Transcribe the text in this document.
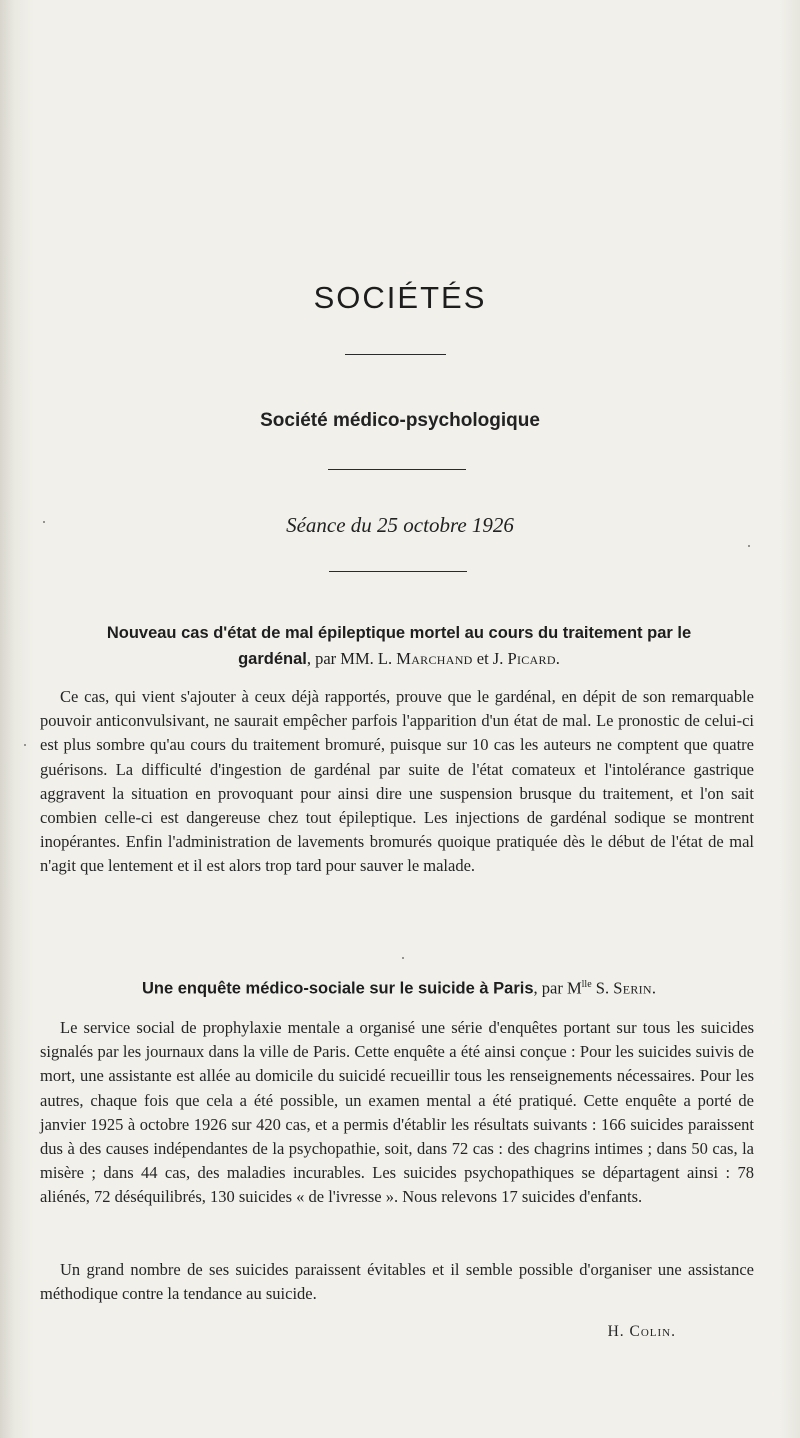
SOCIÉTÉS
Société médico-psychologique
Séance du 25 octobre 1926
Nouveau cas d'état de mal épileptique mortel au cours du traitement par le
gardénal, par MM. L. Marchand et J. Picard.

Ce cas, qui vient s'ajouter à ceux déjà rapportés, prouve que le gardénal, en dépit de son remarquable pouvoir anticonvulsivant, ne saurait empêcher parfois l'apparition d'un état de mal. Le pronostic de celui-ci est plus sombre qu'au cours du traitement bromuré, puisque sur 10 cas les auteurs ne comptent que quatre guérisons. La difficulté d'ingestion de gardénal par suite de l'état comateux et l'intolérance gastrique aggravent la situation en provoquant pour ainsi dire une suspension brusque du traitement, et l'on sait combien celle-ci est dangereuse chez tout épileptique. Les injections de gardénal sodique se montrent inopérantes. Enfin l'administration de lavements bromurés quoique pratiquée dès le début de l'état de mal n'agit que lentement et il est alors trop tard pour sauver le malade.

Une enquête médico-sociale sur le suicide à Paris, par $M^{lle}$ S. Serin.

Le service social de prophylaxie mentale a organisé une série d'enquêtes portant sur tous les suicides signalés par les journaux dans la ville de Paris. Cette enquête a été ainsi conçue : Pour les suicides suivis de mort, une assistante est allée au domicile du suicidé recueillir tous les renseignements nécessaires. Pour les autres, chaque fois que cela a été possible, un examen mental a été pratiqué. Cette enquête a porté de janvier 1925 à octobre 1926 sur 420 cas, et a permis d'établir les résultats suivants : 166 suicides paraissent dus à des causes indépendantes de la psychopathie, soit, dans 72 cas : des chagrins intimes ; dans 50 cas, la misère ; dans 44 cas, des maladies incurables. Les suicides psychopathiques se départagent ainsi : 78 aliénés, 72 déséquilibrés, 130 suicides « de l'ivresse ». Nous relevons 17 suicides d'enfants.

Un grand nombre de ses suicides paraissent évitables et il semble possible d'organiser une assistance méthodique contre la tendance au suicide.

H. Colin.
